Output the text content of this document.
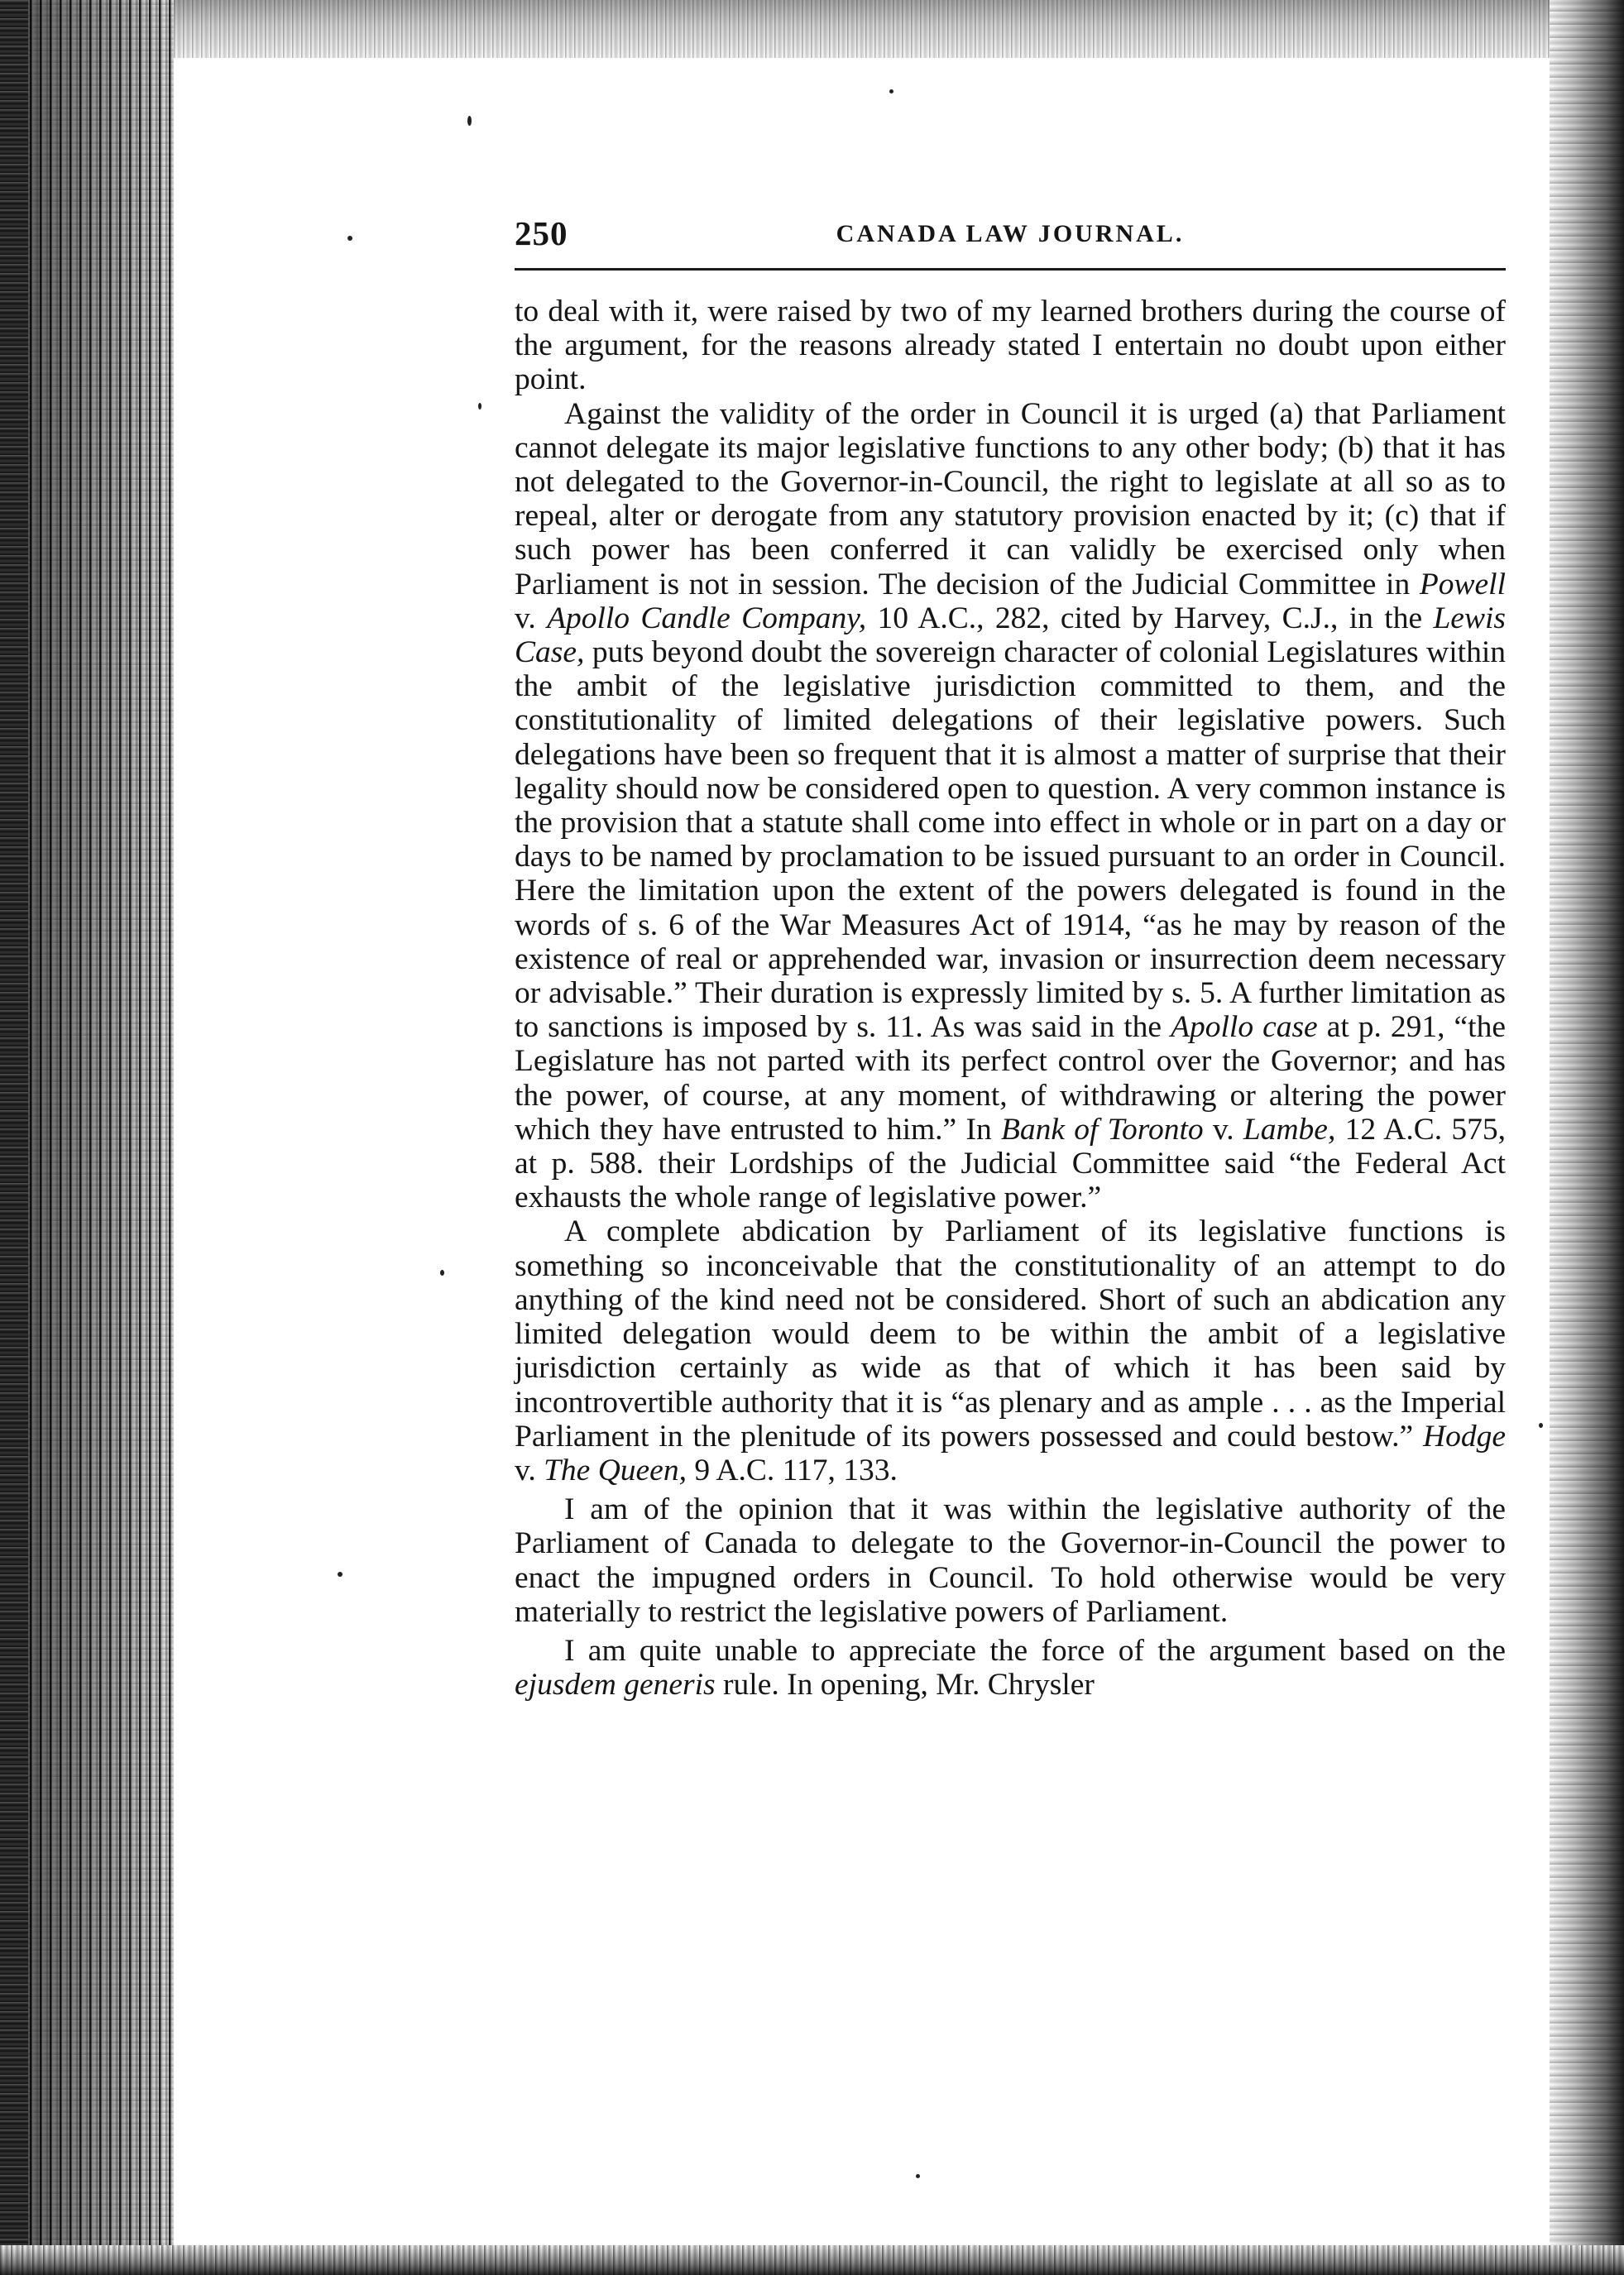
250	CANADA LAW JOURNAL.

to deal with it, were raised by two of my learned brothers during the course of the argument, for the reasons already stated I entertain no doubt upon either point.

Against the validity of the order in Council it is urged (a) that Parliament cannot delegate its major legislative functions to any other body; (b) that it has not delegated to the Governor-in-Council, the right to legislate at all so as to repeal, alter or derogate from any statutory provision enacted by it; (c) that if such power has been conferred it can validly be exercised only when Parliament is not in session. The decision of the Judicial Committee in Powell v. Apollo Candle Company, 10 A.C., 282, cited by Harvey, C.J., in the Lewis Case, puts beyond doubt the sovereign character of colonial Legislatures within the ambit of the legislative jurisdiction committed to them, and the constitutionality of limited delegations of their legislative powers. Such delegations have been so frequent that it is almost a matter of surprise that their legality should now be considered open to question. A very common instance is the provision that a statute shall come into effect in whole or in part on a day or days to be named by proclamation to be issued pursuant to an order in Council. Here the limitation upon the extent of the powers delegated is found in the words of s. 6 of the War Measures Act of 1914, “as he may by reason of the existence of real or apprehended war, invasion or insurrection deem necessary or advisable.” Their duration is expressly limited by s. 5. A further limitation as to sanctions is imposed by s. 11. As was said in the Apollo case at p. 291, “the Legislature has not parted with its perfect control over the Governor; and has the power, of course, at any moment, of withdrawing or altering the power which they have entrusted to him.” In Bank of Toronto v. Lambe, 12 A.C. 575, at p. 588. their Lordships of the Judicial Committee said “the Federal Act exhausts the whole range of legislative power.”

A complete abdication by Parliament of its legislative functions is something so inconceivable that the constitutionality of an attempt to do anything of the kind need not be considered. Short of such an abdication any limited delegation would deem to be within the ambit of a legislative jurisdiction certainly as wide as that of which it has been said by incontrovertible authority that it is “as plenary and as ample . . . as the Imperial Parliament in the plenitude of its powers possessed and could bestow.” Hodge v. The Queen, 9 A.C. 117, 133.

I am of the opinion that it was within the legislative authority of the Parliament of Canada to delegate to the Governor-in-Council the power to enact the impugned orders in Council. To hold otherwise would be very materially to restrict the legislative powers of Parliament.

I am quite unable to appreciate the force of the argument based on the ejusdem generis rule. In opening, Mr. Chrysler
